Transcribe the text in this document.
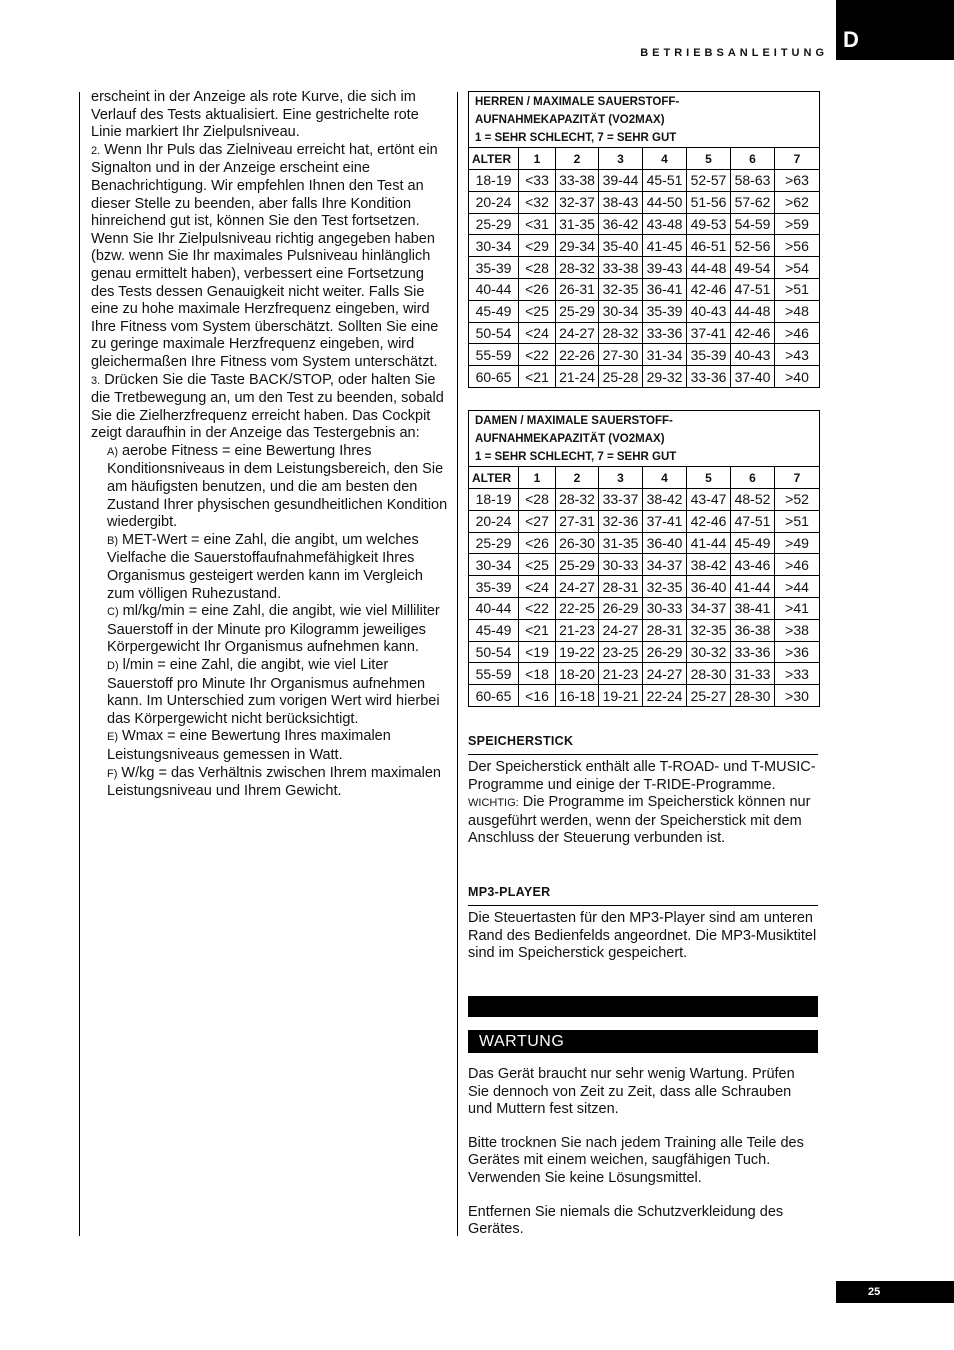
BETRIEBSANLEITUNG
D

erscheint in der Anzeige als rote Kurve, die sich im Verlauf des Tests aktualisiert. Eine gestrichelte rote Linie markiert Ihr Zielpulsniveau.

2. Wenn Ihr Puls das Zielniveau erreicht hat, ertönt ein Signalton und in der Anzeige erscheint eine Benachrichtigung. Wir empfehlen Ihnen den Test an dieser Stelle zu beenden, aber falls Ihre Kondition hinreichend gut ist, können Sie den Test fortsetzen. Wenn Sie Ihr Zielpulsniveau richtig angegeben haben (bzw. wenn Sie Ihr maximales Pulsniveau hinlänglich genau ermittelt haben), verbessert eine Fortsetzung des Tests dessen Genauigkeit nicht weiter. Falls Sie eine zu hohe maximale Herzfrequenz eingeben, wird Ihre Fitness vom System überschätzt. Sollten Sie eine zu geringe maximale Herzfrequenz eingeben, wird gleichermaßen Ihre Fitness vom System unterschätzt.

3. Drücken Sie die Taste BACK/STOP, oder halten Sie die Tretbewegung an, um den Test zu beenden, sobald Sie die Zielherzfrequenz erreicht haben. Das Cockpit zeigt daraufhin in der Anzeige das Testergebnis an:

A) aerobe Fitness = eine Bewertung Ihres Konditionsniveaus in dem Leistungsbereich, den Sie am häufigsten benutzen, und die am besten den Zustand Ihrer physischen gesundheitlichen Kondition wiedergibt.

B) MET-Wert = eine Zahl, die angibt, um welches Vielfache die Sauerstoffaufnahmefähigkeit Ihres Organismus gesteigert werden kann im Vergleich zum völligen Ruhezustand.

C) ml/kg/min = eine Zahl, die angibt, wie viel Milliliter Sauerstoff in der Minute pro Kilogramm jeweiliges Körpergewicht Ihr Organismus aufnehmen kann.

D) l/min = eine Zahl, die angibt, wie viel Liter Sauerstoff pro Minute Ihr Organismus aufnehmen kann. Im Unterschied zum vorigen Wert wird hierbei das Körpergewicht nicht berücksichtigt.

E) Wmax = eine Bewertung Ihres maximalen Leistungsniveaus gemessen in Watt.

F) W/kg = das Verhältnis zwischen Ihrem maximalen Leistungsniveau und Ihrem Gewicht.

HERREN / MAXIMALE SAUERSTOFF-
AUFNAHMEKAPAZITÄT (VO2MAX)
1 = SEHR SCHLECHT, 7 = SEHR GUT							

ALTER	1	2	3	4	5	6	7
18-19	<33	33-38	39-44	45-51	52-57	58-63	>63
20-24	<32	32-37	38-43	44-50	51-56	57-62	>62
25-29	<31	31-35	36-42	43-48	49-53	54-59	>59
30-34	<29	29-34	35-40	41-45	46-51	52-56	>56
35-39	<28	28-32	33-38	39-43	44-48	49-54	>54
40-44	<26	26-31	32-35	36-41	42-46	47-51	>51
45-49	<25	25-29	30-34	35-39	40-43	44-48	>48
50-54	<24	24-27	28-32	33-36	37-41	42-46	>46
55-59	<22	22-26	27-30	31-34	35-39	40-43	>43
60-65	<21	21-24	25-28	29-32	33-36	37-40	>40
DAMEN / MAXIMALE SAUERSTOFF-
AUFNAHMEKAPAZITÄT (VO2MAX)
1 = SEHR SCHLECHT, 7 = SEHR GUT							

ALTER	1	2	3	4	5	6	7
18-19	<28	28-32	33-37	38-42	43-47	48-52	>52
20-24	<27	27-31	32-36	37-41	42-46	47-51	>51
25-29	<26	26-30	31-35	36-40	41-44	45-49	>49
30-34	<25	25-29	30-33	34-37	38-42	43-46	>46
35-39	<24	24-27	28-31	32-35	36-40	41-44	>44
40-44	<22	22-25	26-29	30-33	34-37	38-41	>41
45-49	<21	21-23	24-27	28-31	32-35	36-38	>38
50-54	<19	19-22	23-25	26-29	30-32	33-36	>36
55-59	<18	18-20	21-23	24-27	28-30	31-33	>33
60-65	<16	16-18	19-21	22-24	25-27	28-30	>30
SPEICHERSTICK

Der Speicherstick enthält alle T-ROAD- und T-MUSIC-Programme und einige der T-RIDE-Programme. WICHTIG: Die Programme im Speicherstick können nur ausgeführt werden, wenn der Speicherstick mit dem Anschluss der Steuerung verbunden ist.

MP3-PLAYER

Die Steuertasten für den MP3-Player sind am unteren Rand des Bedienfelds angeordnet. Die MP3-Musiktitel sind im Speicherstick gespeichert.

WARTUNG

Das Gerät braucht nur sehr wenig Wartung. Prüfen Sie dennoch von Zeit zu Zeit, dass alle Schrauben und Muttern fest sitzen.

Bitte trocknen Sie nach jedem Training alle Teile des Gerätes mit einem weichen, saugfähigen Tuch. Verwenden Sie keine Lösungsmittel.

Entfernen Sie niemals die Schutzverkleidung des Gerätes.

25
